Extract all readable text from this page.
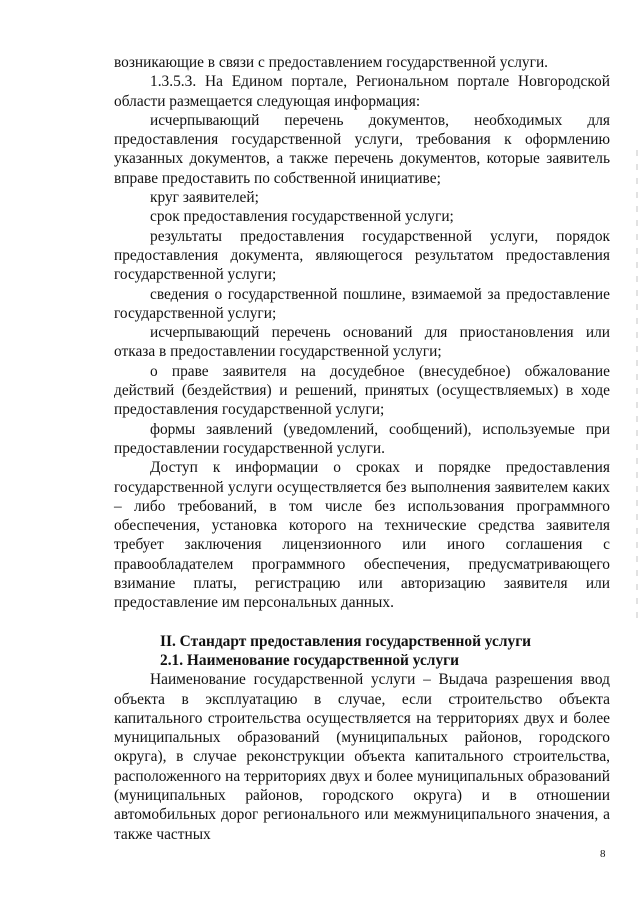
возникающие в связи с предоставлением государственной услуги.

1.3.5.3. На Едином портале, Региональном портале Новгородской области размещается следующая информация:

исчерпывающий перечень документов, необходимых для предоставления государственной услуги, требования к оформлению указанных документов, а также перечень документов, которые заявитель вправе предоставить по собственной инициативе;

круг заявителей;

срок предоставления государственной услуги;

результаты предоставления государственной услуги, порядок предоставления документа, являющегося результатом предоставления государственной услуги;

сведения о государственной пошлине, взимаемой за предоставление государственной услуги;

исчерпывающий перечень оснований для приостановления или отказа в предоставлении государственной услуги;

о праве заявителя на досудебное (внесудебное) обжалование действий (бездействия) и решений, принятых (осуществляемых) в ходе предоставления государственной услуги;

формы заявлений (уведомлений, сообщений), используемые при предоставлении государственной услуги.

Доступ к информации о сроках и порядке предоставления государственной услуги осуществляется без выполнения заявителем каких – либо требований, в том числе без использования программного обеспечения, установка которого на технические средства заявителя требует заключения лицензионного или иного соглашения с правообладателем программного обеспечения, предусматривающего взимание платы, регистрацию или авторизацию заявителя или предоставление им персональных данных.

II. Стандарт предоставления государственной услуги

2.1. Наименование государственной услуги

Наименование государственной услуги – Выдача разрешения ввод объекта в эксплуатацию в случае, если строительство объекта капитального строительства осуществляется на территориях двух и более муниципальных образований (муниципальных районов, городского округа), в случае реконструкции объекта капитального строительства, расположенного на территориях двух и более муниципальных образований (муниципальных районов, городского округа) и в отношении автомобильных дорог регионального или межмуниципального значения, а также частных

8
